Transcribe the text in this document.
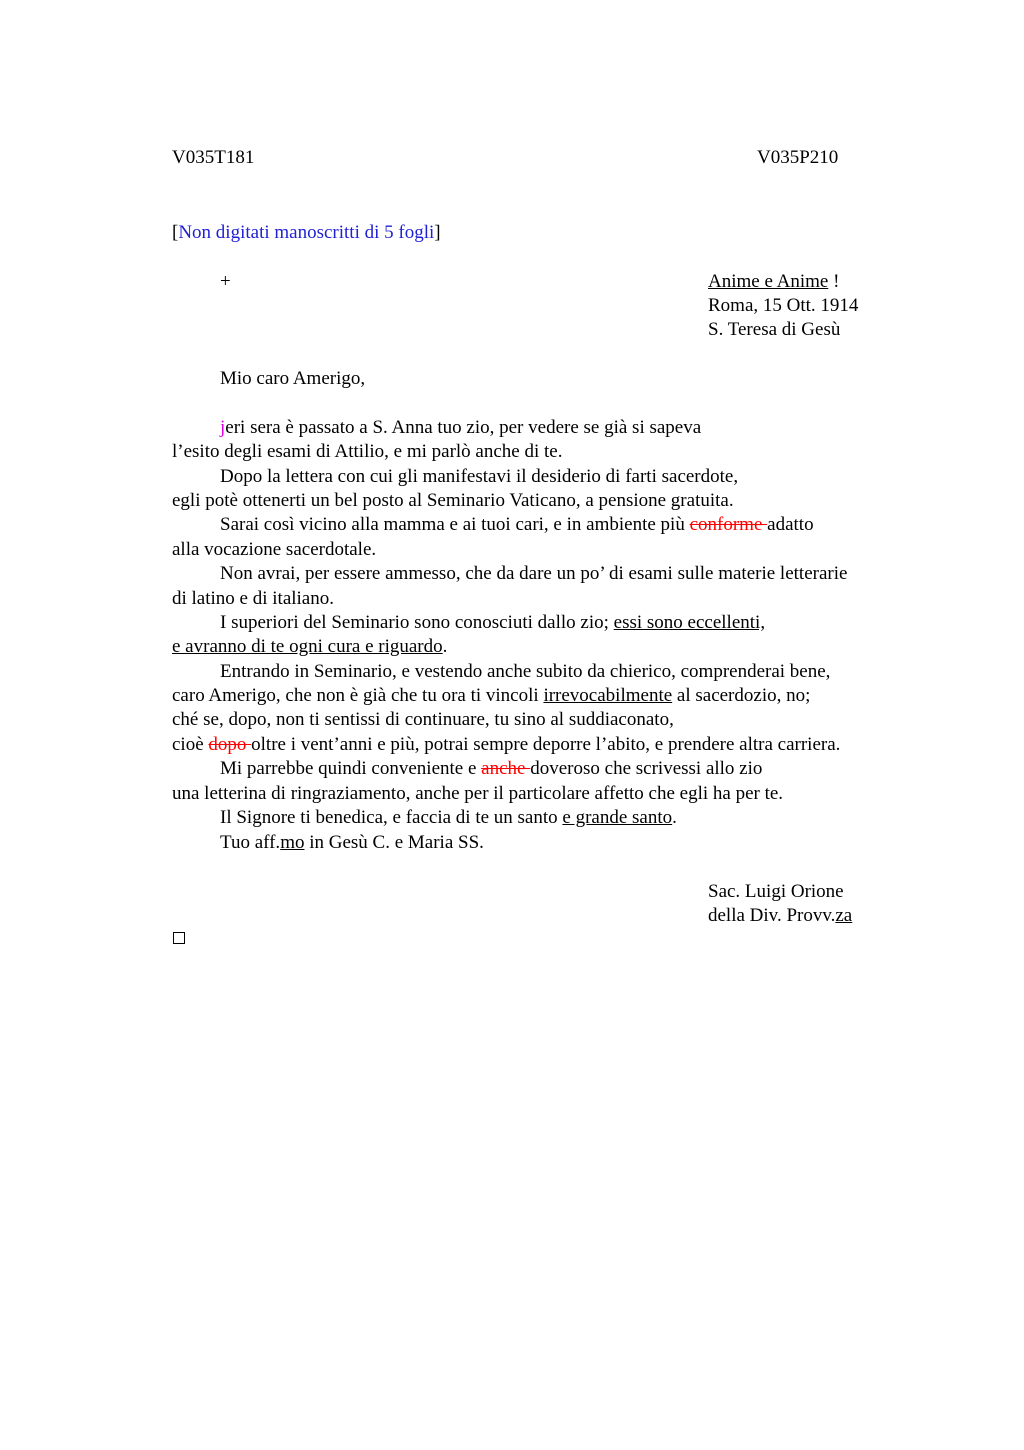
V035T181	V035P210
[Non digitati manoscritti di 5 fogli]
+	Anime e Anime !
Roma, 15 Ott. 1914
S. Teresa di Gesù
Mio caro Amerigo,
jeri sera è passato a S. Anna tuo zio, per vedere se già si sapeva
l’esito degli esami di Attilio, e mi parlò anche di te.
Dopo la lettera con cui gli manifestavi il desiderio di farti sacerdote,
egli potè ottenerti un bel posto al Seminario Vaticano, a pensione gratuita.
Sarai così vicino alla mamma e ai tuoi cari, e in ambiente più conforme adatto
alla vocazione sacerdotale.
Non avrai, per essere ammesso, che da dare un po’ di esami sulle materie letterarie
di latino e di italiano.
I superiori del Seminario sono conosciuti dallo zio; essi sono eccellenti,
e avranno di te ogni cura e riguardo.
Entrando in Seminario, e vestendo anche subito da chierico, comprenderai bene,
caro Amerigo, che non è già che tu ora ti vincoli irrevocabilmente al sacerdozio, no;
ché se, dopo, non ti sentissi di continuare, tu sino al suddiaconato,
cioè dopo oltre i vent’anni e più, potrai sempre deporre l’abito, e prendere altra carriera.
Mi parrebbe quindi conveniente e anche doveroso che scrivessi allo zio
una letterina di ringraziamento, anche per il particolare affetto che egli ha per te.
Il Signore ti benedica, e faccia di te un santo e grande santo.
Tuo aff.mo in Gesù C. e Maria SS.
Sac. Luigi Orione
della Div. Provv.za
